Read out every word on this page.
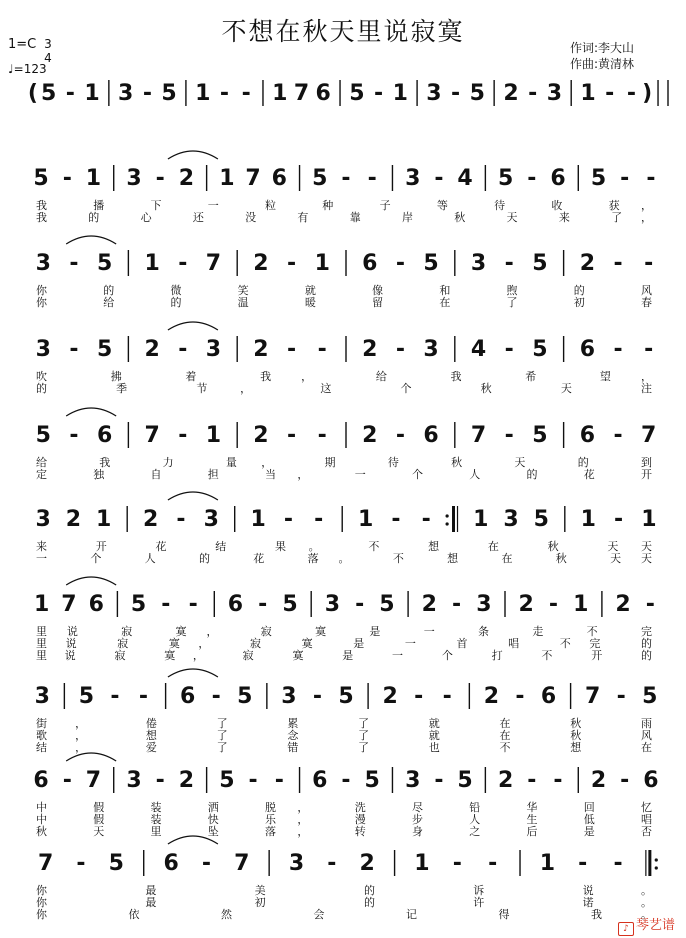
不想在秋天里说寂寞
1=C 3
4
♩=123
作词:李大山
作曲:黄清林
( 5 - 1 3 - 5 1 - - 1 7 6 5 - 1 3 - 5 2 - 3 1 - - )
5 - 1 3 - 2 1 7 6 5 - - 3 - 4 5 - 6 5 - -
我 播 下 一 粒 种 子 等 待 收 获，
我 的 心 还 没 有 靠 岸 秋 天 来 了，
3 - 5 1 - 7 2 - 1 6 - 5 3 - 5 2 - -
你 的 微 笑 就 像 和 煦 的 风
你 给 的 温 暖 留 在 了 初 春
3 - 5 2 - 3 2 - - 2 - 3 4 - 5 6 - -
吹 拂 着 我， 给 我 希 望，
的 季 节， 这 个 秋 天 注
5 - 6 7 - 1 2 - - 2 - 6 7 - 5 6 - 7
给 我 力 量， 期 待 秋 天 的 到
定 独 自 担 当， 一 个 人 的 花 开
3 2 1 2 - 3 1 - - 1 - -	||: 1 3 5 1 - 1
来 开 花 结 果。 不 想 在 秋 天天
一 个 人 的 花 落。 不 想 在 秋 天天
1 7 6 5 - - 6 - 5 3 - 5 2 - 3 2 - 1 2 -
里说 寂 寞， 寂 寞 是 一 条 走 不 完
里说 寂 寞， 寂 寞 是 一 首 唱 不完 的
里说 寂 寞， 寂 寞 是 一 个 打 不 开 的
3 5 - - 6 - 5 3 - 5 2 - - 2 - 6 7 - 5
街， 倦 了 累 了 就 在 秋 雨
歌， 想 了 念 了 就 在 秋 风
结， 爱 了 错 了 也 不 想 在
6 - 7 3 - 2 5 - - 6 - 5 3 - 5 2 - - 2 - 6
中 假 装 洒 脱， 洗 尽 铅 华 回 忆
中 假 装 快 乐， 漫 步 人 生 低 唱
秋 天 里 坠 落， 转 身 之 后 是 否
7 - 5 6 - 7 3 - 2 1 - - 1 - -	:|
你 最 美 的 诉 说。
你 最 初 的 许 诺。
你 依 然 会 记 得 我。
♪ 琴艺谱
